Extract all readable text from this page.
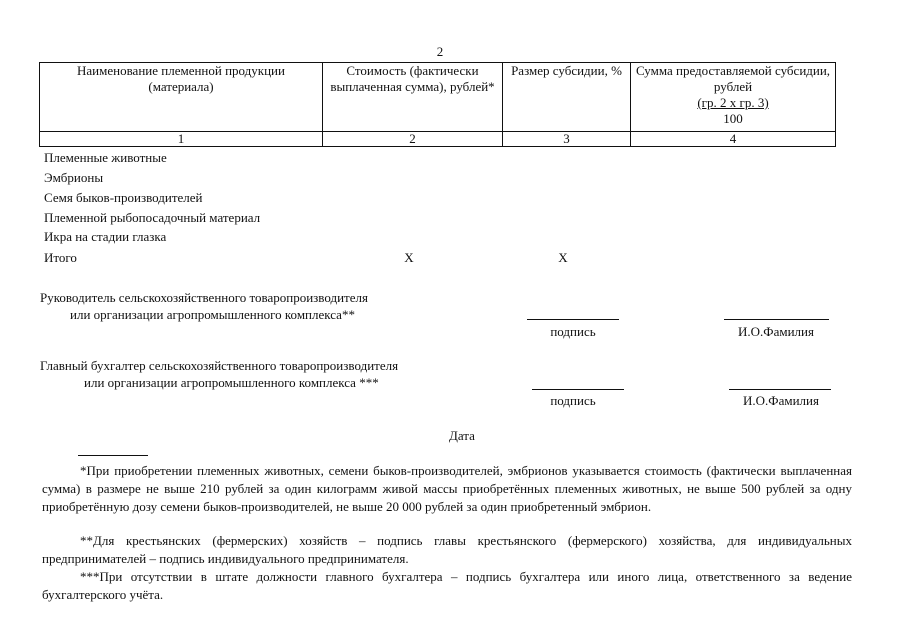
2
Наименование племенной продукции (материала)	Стоимость (фактически выплаченная сумма), рублей*	Размер субсидии, %	Сумма предоставляемой субсидии, рублей
(гр. 2 x гр. 3)
100

1	2	3	4
Племенные животные
Эмбрионы
Семя быков-производителей
Племенной рыбопосадочный материал
Икра на стадии глазка
Итого	Х	Х
Руководитель сельскохозяйственного товаропроизводителя
или организации агропромышленного комплекса**
подпись	И.О.Фамилия
Главный бухгалтер сельскохозяйственного товаропроизводителя
или организации агропромышленного комплекса ***
подпись	И.О.Фамилия
Дата
*При приобретении племенных животных, семени быков-производителей, эмбрионов указывается стоимость (фактически выплаченная сумма) в размере не выше 210 рублей за один килограмм живой массы приобретённых племенных животных, не выше 500 рублей за одну приобретённую дозу семени быков-производителей, не выше 20 000 рублей за один приобретенный эмбрион.
**Для крестьянских (фермерских) хозяйств – подпись главы крестьянского (фермерского) хозяйства, для индивидуальных предпринимателей – подпись индивидуального предпринимателя.
***При отсутствии в штате должности главного бухгалтера – подпись бухгалтера или иного лица, ответственного за ведение бухгалтерского учёта.
